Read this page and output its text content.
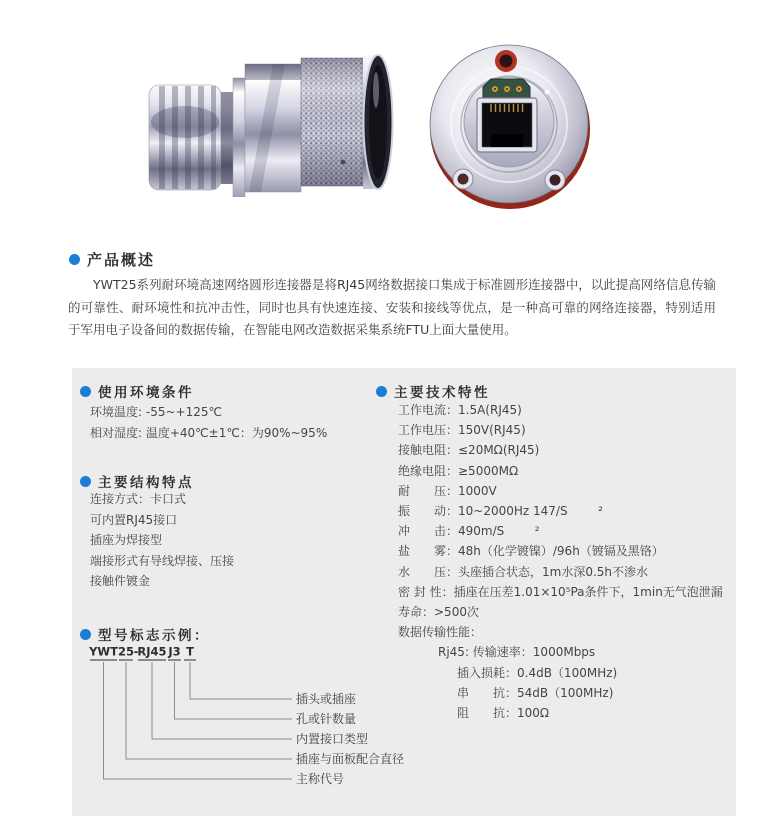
产品概述

YWT25系列耐环境高速网络圆形连接器是将RJ45网络数据接口集成于标准圆形连接器中，以此提高网络信息传输的可靠性、耐环境性和抗冲击性，同时也具有快速连接、安装和接线等优点，是一种高可靠的网络连接器，特别适用于军用电子设备间的数据传输，在智能电网改造数据采集系统FTU上面大量使用。

使用环境条件
环境温度: -55~+125℃
相对湿度: 温度+40℃±1℃：为90%~95%
主要结构特点
连接方式：卡口式
可内置RJ45接口
插座为焊接型
端接形式有导线焊接、压接
接触件镀金
型号标志示例：
YWT 25 - RJ45 J3 T
插头或插座
孔或针数量
内置接口类型
插座与面板配合直径
主称代号
主要技术特性
工作电流：1.5A(RJ45)
工作电压：150V(RJ45)
接触电阻：≤20MΩ(RJ45)
绝缘电阻：≥5000MΩ
耐　　压：1000V
振　　动：10~2000Hz 147/S        ²
冲　　击：490m/S        ²
盐　　雾：48h（化学镀镍）/96h（镀镉及黑铬）
水　　压：头座插合状态，1m水深0.5h不渗水
密 封 性：插座在压差1.01×10⁵Pa条件下，1min无气泡泄漏
寿命：>500次
数据传输性能：
Rj45: 传输速率：1000Mbps
插入损耗：0.4dB（100MHz)
串　　抗：54dB（100MHz)
阻　　抗：100Ω
